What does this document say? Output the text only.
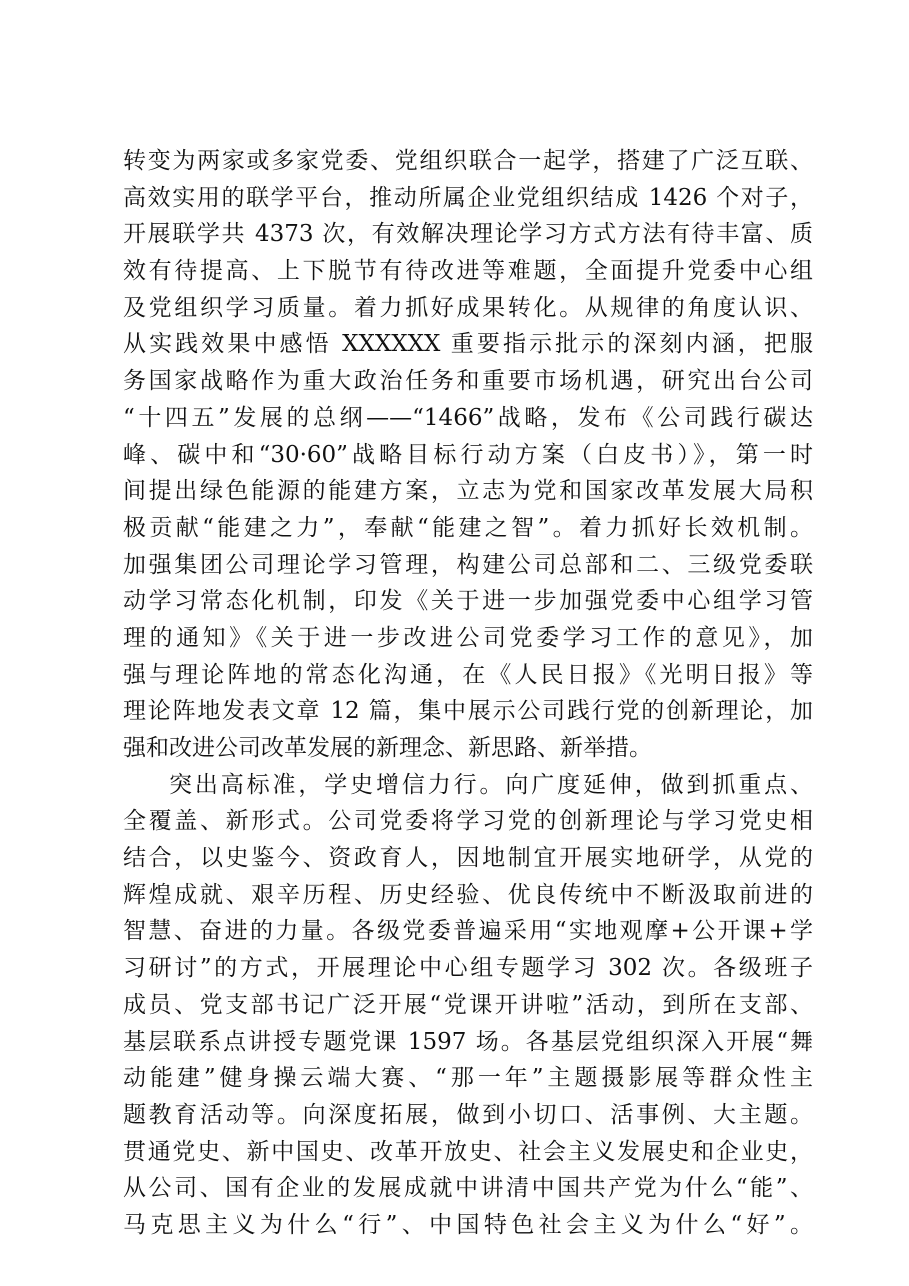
转变为两家或多家党委、党组织联合一起学，搭建了广泛互联、
高效实用的联学平台，推动所属企业党组织结成 1426 个对子，
开展联学共 4373 次，有效解决理论学习方式方法有待丰富、质
效有待提高、上下脱节有待改进等难题，全面提升党委中心组
及党组织学习质量。着力抓好成果转化。从规律的角度认识、
从实践效果中感悟 XXXXXX 重要指示批示的深刻内涵，把服
务国家战略作为重大政治任务和重要市场机遇，研究出台公司
“十四五”发展的总纲——“1466”战略，发布《公司践行碳达
峰、碳中和“30·60”战略目标行动方案（白皮书）》，第一时
间提出绿色能源的能建方案，立志为党和国家改革发展大局积
极贡献“能建之力”，奉献“能建之智”。着力抓好长效机制。
加强集团公司理论学习管理，构建公司总部和二、三级党委联
动学习常态化机制，印发《关于进一步加强党委中心组学习管
理的通知》《关于进一步改进公司党委学习工作的意见》，加
强与理论阵地的常态化沟通，在《人民日报》《光明日报》等
理论阵地发表文章 12 篇，集中展示公司践行党的创新理论，加
强和改进公司改革发展的新理念、新思路、新举措。
突出高标准，学史增信力行。向广度延伸，做到抓重点、
全覆盖、新形式。公司党委将学习党的创新理论与学习党史相
结合，以史鉴今、资政育人，因地制宜开展实地研学，从党的
辉煌成就、艰辛历程、历史经验、优良传统中不断汲取前进的
智慧、奋进的力量。各级党委普遍采用“实地观摩+公开课+学
习研讨”的方式，开展理论中心组专题学习 302 次。各级班子
成员、党支部书记广泛开展“党课开讲啦”活动，到所在支部、
基层联系点讲授专题党课 1597 场。各基层党组织深入开展“舞
动能建”健身操云端大赛、“那一年”主题摄影展等群众性主
题教育活动等。向深度拓展，做到小切口、活事例、大主题。
贯通党史、新中国史、改革开放史、社会主义发展史和企业史，
从公司、国有企业的发展成就中讲清中国共产党为什么“能”、
马克思主义为什么“行”、中国特色社会主义为什么“好”。
